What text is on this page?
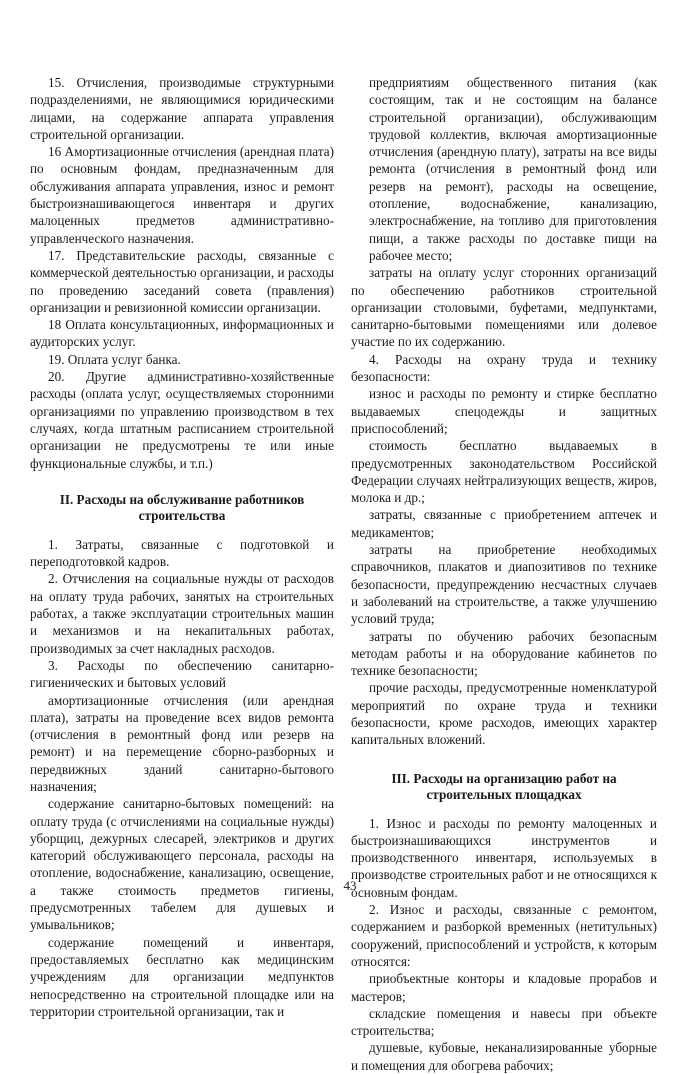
15. Отчисления, производимые структурными подразделениями, не являющимися юридическими лицами, на содержание аппарата управления строительной организации.

16 Амортизационные отчисления (арендная плата) по основным фондам, предназначенным для обслуживания аппарата управления, износ и ремонт быстроизнашивающегося инвентаря и других малоценных предметов административно-управленческого назначения.

17. Представительские расходы, связанные с коммерческой деятельностью организации, и расходы по проведению заседаний совета (правления) организации и ревизионной комиссии организации.

18 Оплата консультационных, информационных и аудиторских услуг.

19. Оплата услуг банка.

20. Другие административно-хозяйственные расходы (оплата услуг, осуществляемых сторонними организациями по управлению производством в тех случаях, когда штатным расписанием строительной организации не предусмотрены те или иные функциональные службы, и т.п.)

II. Расходы на обслуживание работников строительства

1. Затраты, связанные с подготовкой и переподготовкой кадров.

2. Отчисления на социальные нужды от расходов на оплату труда рабочих, занятых на строительных работах, а также эксплуатации строительных машин и механизмов и на некапитальных работах, производимых за счет накладных расходов.

3. Расходы по обеспечению санитарно-гигиенических и бытовых условий

амортизационные отчисления (или арендная плата), затраты на проведение всех видов ремонта (отчисления в ремонтный фонд или резерв на ремонт) и на перемещение сборно-разборных и передвижных зданий санитарно-бытового назначения;

содержание санитарно-бытовых помещений: на оплату труда (с отчислениями на социальные нужды) уборщиц, дежурных слесарей, электриков и других категорий обслуживающего персонала, расходы на отопление, водоснабжение, канализацию, освещение, а также стоимость предметов гигиены, предусмотренных табелем для душевых и умывальников;

содержание помещений и инвентаря, предоставляемых бесплатно как медицинским учреждениям для организации медпунктов непосредственно на строительной площадке или на территории строительной организации, так и

предприятиям общественного питания (как состоящим, так и не состоящим на балансе строительной организации), обслуживающим трудовой коллектив, включая амортизационные отчисления (арендную плату), затраты на все виды ремонта (отчисления в ремонтный фонд или резерв на ремонт), расходы на освещение, отопление, водоснабжение, канализацию, электроснабжение, на топливо для приготовления пищи, а также расходы по доставке пищи на рабочее место;

затраты на оплату услуг сторонних организаций по обеспечению работников строительной организации столовыми, буфетами, медпунктами, санитарно-бытовыми помещениями или долевое участие по их содержанию.

4. Расходы на охрану труда и технику безопасности:

износ и расходы по ремонту и стирке бесплатно выдаваемых спецодежды и защитных приспособлений;

стоимость бесплатно выдаваемых в предусмотренных законодательством Российской Федерации случаях нейтрализующих веществ, жиров, молока и др.;

затраты, связанные с приобретением аптечек и медикаментов;

затраты на приобретение необходимых справочников, плакатов и диапозитивов по технике безопасности, предупреждению несчастных случаев и заболеваний на строительстве, а также улучшению условий труда;

затраты по обучению рабочих безопасным методам работы и на оборудование кабинетов по технике безопасности;

прочие расходы, предусмотренные номенклатурой мероприятий по охране труда и техники безопасности, кроме расходов, имеющих характер капитальных вложений.

III. Расходы на организацию работ на строительных площадках

1. Износ и расходы по ремонту малоценных и быстроизнашивающихся инструментов и производственного инвентаря, используемых в производстве строительных работ и не относящихся к основным фондам.

2. Износ и расходы, связанные с ремонтом, содержанием и разборкой временных (нетитульных) сооружений, приспособлений и устройств, к которым относятся:

приобъектные конторы и кладовые прорабов и мастеров;

складские помещения и навесы при объекте строительства;

душевые, кубовые, неканализированные уборные и помещения для обогрева рабочих;

43
